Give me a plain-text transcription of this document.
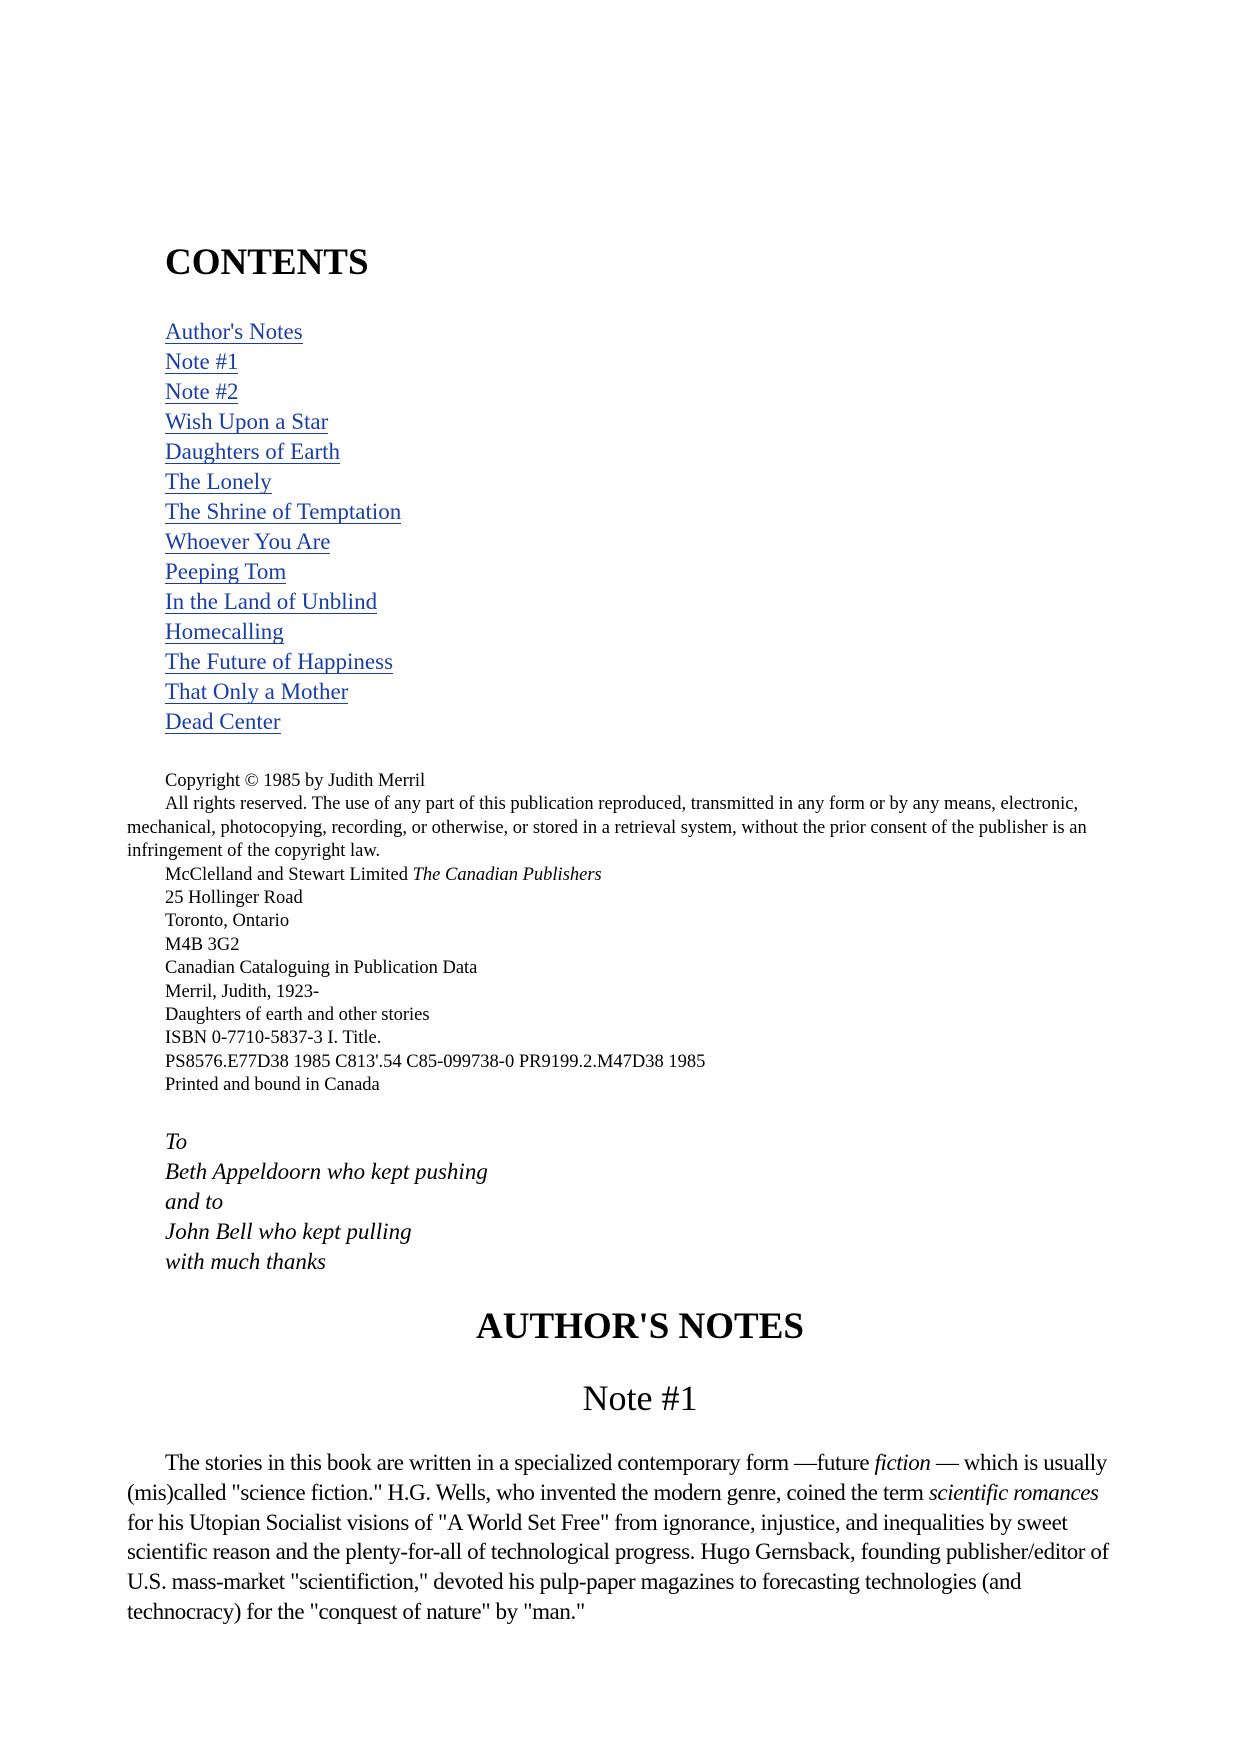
CONTENTS
Author's Notes
Note #1
Note #2
Wish Upon a Star
Daughters of Earth
The Lonely
The Shrine of Temptation
Whoever You Are
Peeping Tom
In the Land of Unblind
Homecalling
The Future of Happiness
That Only a Mother
Dead Center
Copyright © 1985 by Judith Merril
All rights reserved. The use of any part of this publication reproduced, transmitted in any form or by any means, electronic, mechanical, photocopying, recording, or otherwise, or stored in a retrieval system, without the prior consent of the publisher is an infringement of the copyright law.
McClelland and Stewart Limited The Canadian Publishers
25 Hollinger Road
Toronto, Ontario
M4B 3G2
Canadian Cataloguing in Publication Data
Merril, Judith, 1923-
Daughters of earth and other stories
ISBN 0-7710-5837-3 I. Title.
PS8576.E77D38 1985 C813'.54 C85-099738-0 PR9199.2.M47D38 1985
Printed and bound in Canada
To
Beth Appeldoorn who kept pushing
and to
John Bell who kept pulling
with much thanks
AUTHOR'S NOTES
Note #1

The stories in this book are written in a specialized contemporary form —future fiction — which is usually (mis)called "science fiction." H.G. Wells, who invented the modern genre, coined the term scientific romances for his Utopian Socialist visions of "A World Set Free" from ignorance, injustice, and inequalities by sweet scientific reason and the plenty-for-all of technological progress. Hugo Gernsback, founding publisher/editor of U.S. mass-market "scientifiction," devoted his pulp-paper magazines to forecasting technologies (and technocracy) for the "conquest of nature" by "man."
